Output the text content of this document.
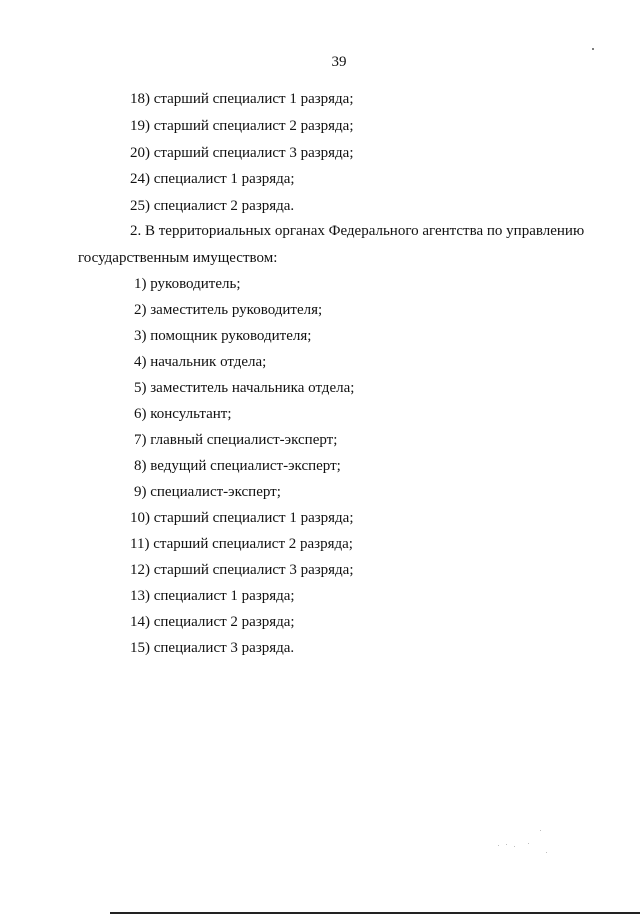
39
18) старший специалист 1 разряда;
19) старший специалист 2 разряда;
20) старший специалист 3 разряда;
24) специалист 1 разряда;
25) специалист 2 разряда.
2. В территориальных органах Федерального агентства по управлению
государственным имуществом:
1) руководитель;
2) заместитель руководителя;
3) помощник руководителя;
4) начальник отдела;
5) заместитель начальника отдела;
6) консультант;
7) главный специалист-эксперт;
8) ведущий специалист-эксперт;
9) специалист-эксперт;
10) старший специалист 1 разряда;
11) старший специалист 2 разряда;
12) старший специалист 3 разряда;
13) специалист 1 разряда;
14) специалист 2 разряда;
15) специалист 3 разряда.
